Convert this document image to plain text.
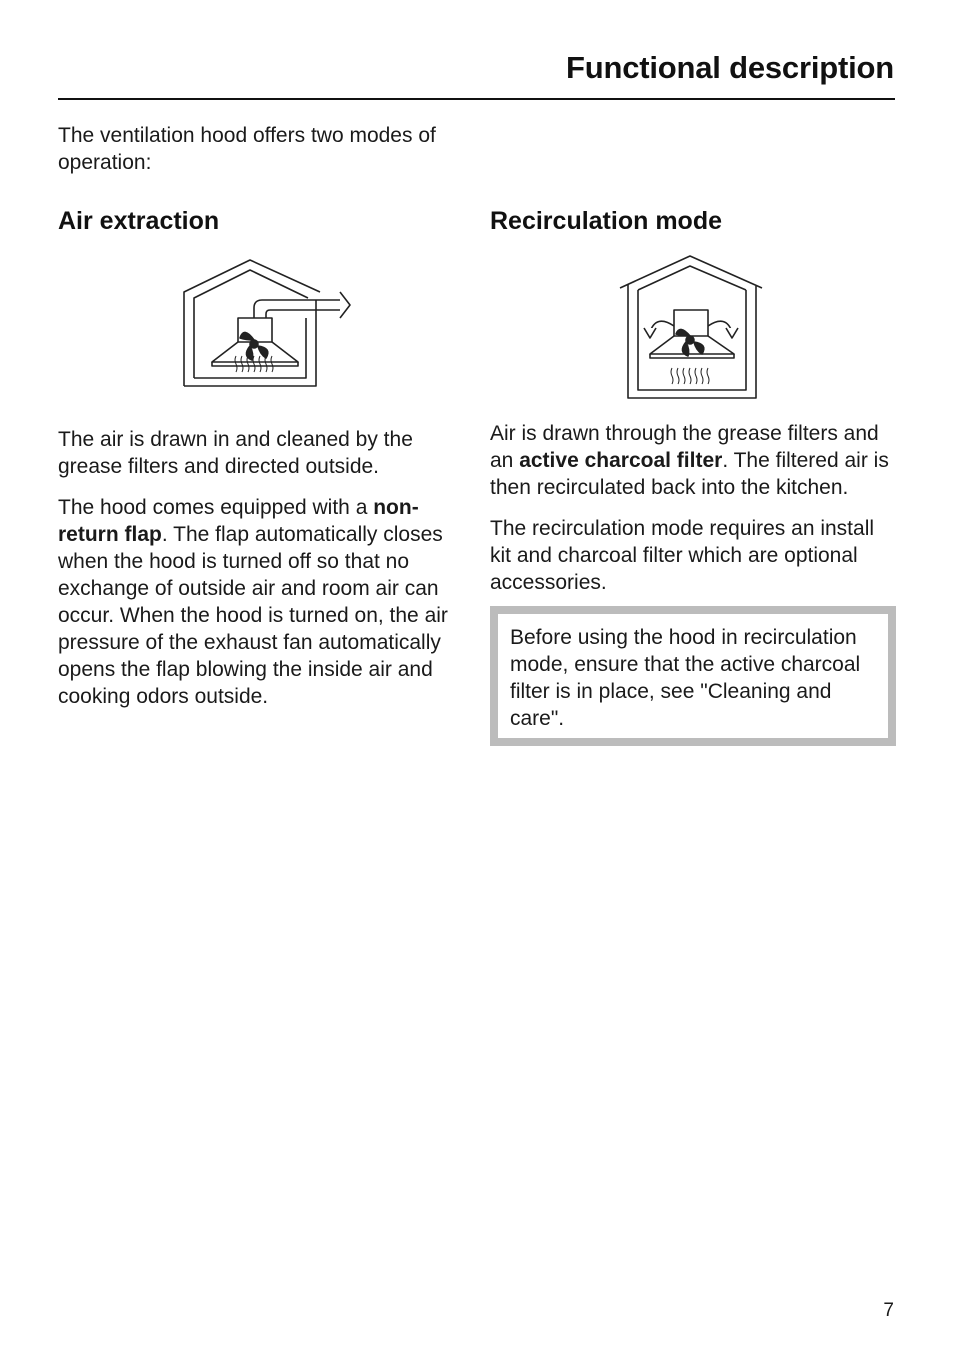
Functional description

The ventilation hood offers two modes of operation:

Air extraction

The air is drawn in and cleaned by the grease filters and directed outside.

The hood comes equipped with a non-return flap. The flap automatically closes when the hood is turned off so that no exchange of outside air and room air can occur. When the hood is turned on, the air pressure of the exhaust fan automatically opens the flap blowing the inside air and cooking odors outside.

Recirculation mode

Air is drawn through the grease filters and an active charcoal filter. The filtered air is then recirculated back into the kitchen.

The recirculation mode requires an install kit and charcoal filter which are optional accessories.

Before using the hood in recirculation mode, ensure that the active charcoal filter is in place, see "Cleaning and care".

7
